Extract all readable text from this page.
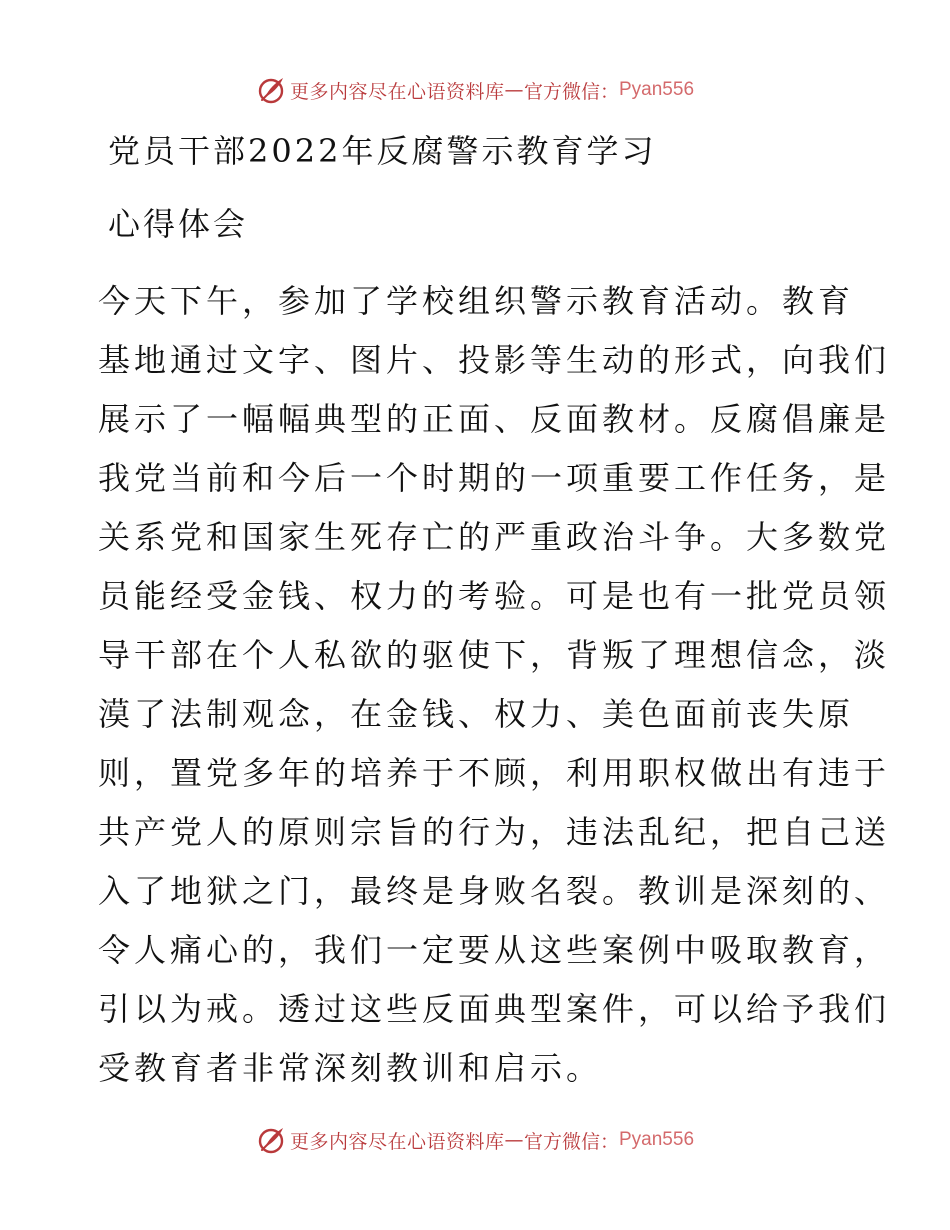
更多内容尽在心语资料库 — 官方微信： Pyan556
党员干部2022年反腐警示教育学习
心得体会
今天下午，参加了学校组织警示教育活动。教育
基地通过文字、图片、投影等生动的形式，向我们
展示了一幅幅典型的正面、反面教材。反腐倡廉是
我党当前和今后一个时期的一项重要工作任务，是
关系党和国家生死存亡的严重政治斗争。大多数党
员能经受金钱、权力的考验。可是也有一批党员领
导干部在个人私欲的驱使下，背叛了理想信念，淡
漠了法制观念，在金钱、权力、美色面前丧失原
则，置党多年的培养于不顾，利用职权做出有违于
共产党人的原则宗旨的行为，违法乱纪，把自己送
入了地狱之门，最终是身败名裂。教训是深刻的、
令人痛心的，我们一定要从这些案例中吸取教育，
引以为戒。透过这些反面典型案件，可以给予我们
受教育者非常深刻教训和启示。
更多内容尽在心语资料库 — 官方微信： Pyan556
